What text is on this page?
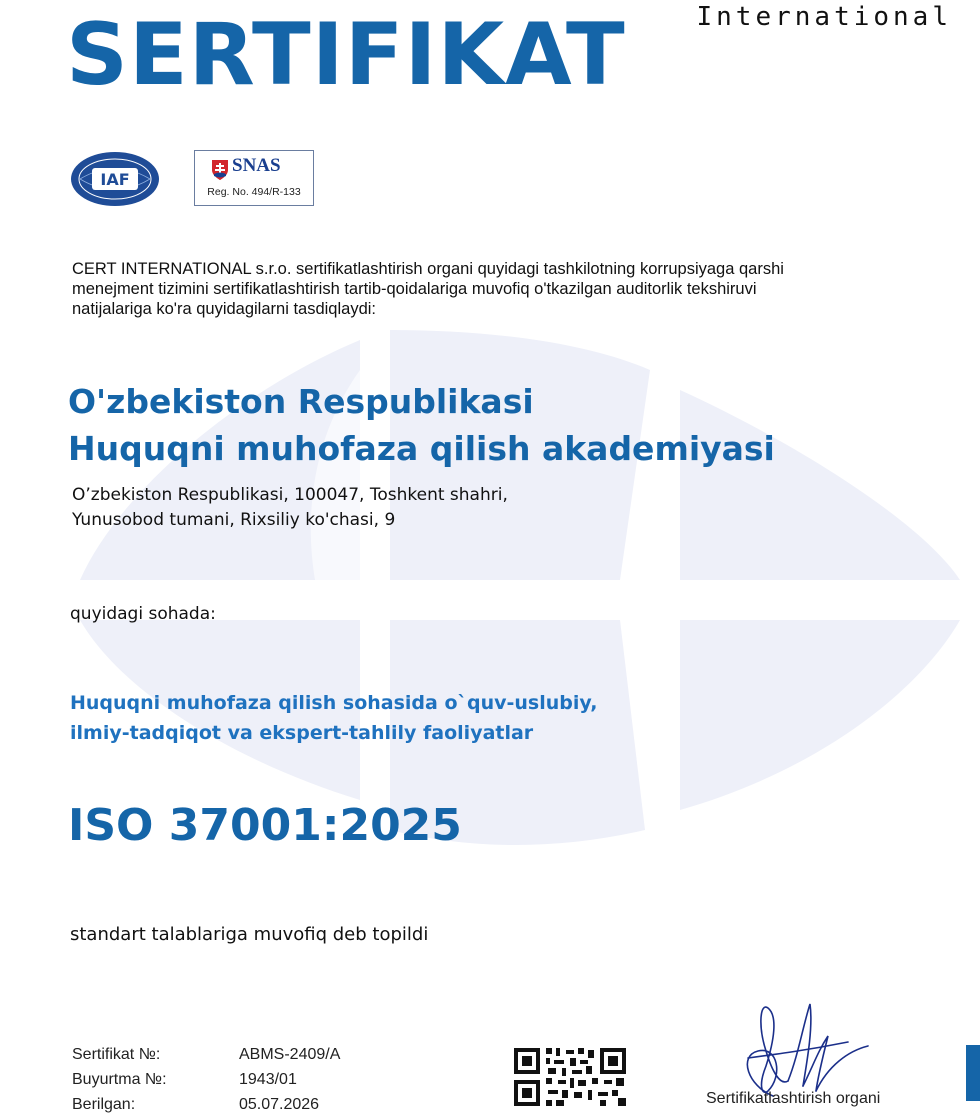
International
SERTIFIKAT
IAF
SNAS
Reg. No. 494/R-133
CERT INTERNATIONAL s.r.o. sertifikatlashtirish organi quyidagi tashkilotning korrupsiyaga qarshi
menejment tizimini sertifikatlashtirish tartib-qoidalariga muvofiq o'tkazilgan auditorlik tekshiruvi
natijalariga ko'ra quyidagilarni tasdiqlaydi:
O'zbekiston Respublikasi
Huquqni muhofaza qilish akademiyasi
O’zbekiston Respublikasi, 100047, Toshkent shahri,
Yunusobod tumani, Rixsiliy ko'chasi, 9
quyidagi sohada:
Huquqni muhofaza qilish sohasida o`quv-uslubiy,
ilmiy-tadqiqot va ekspert-tahlily faoliyatlar
ISO 37001:2025
standart talablariga muvofiq deb topildi
Sertifikat №:	ABMS-2409/A
Buyurtma №:	1943/01
Berilgan:	05.07.2026	Sertifikatlashtirish organi
